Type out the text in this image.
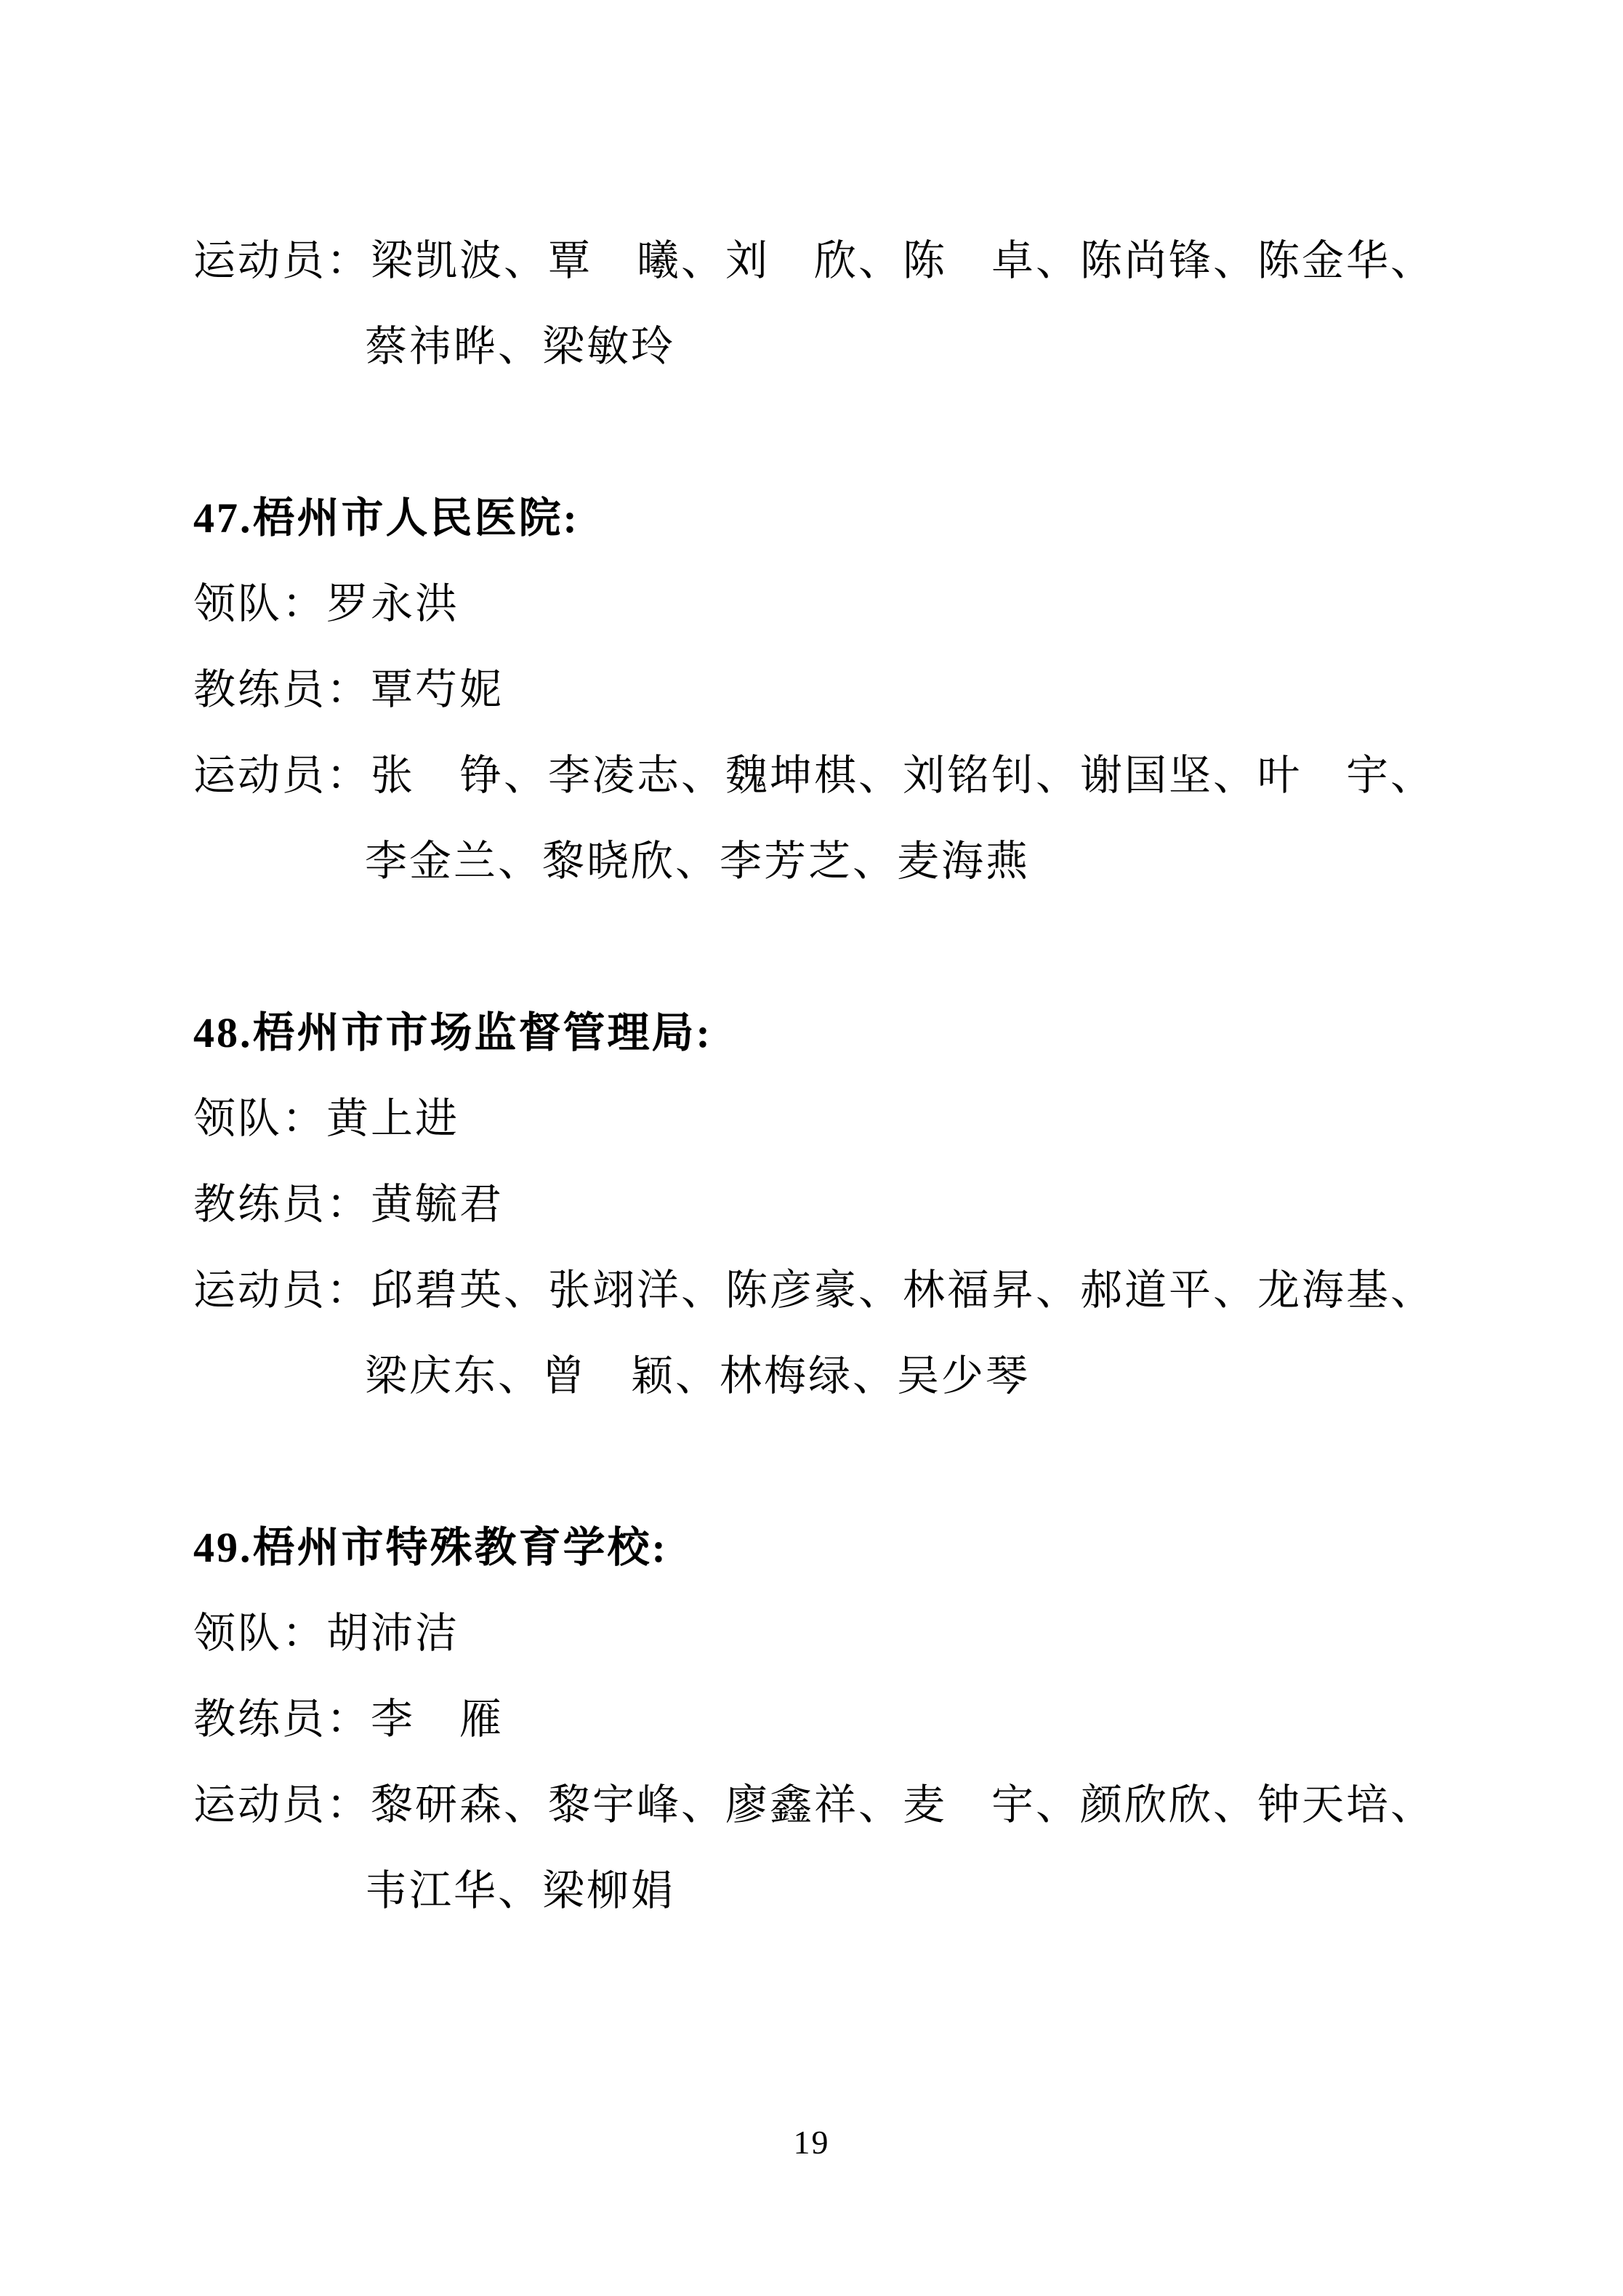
运动员： 梁凯波、覃　曦、刘　欣、陈　卓、陈尚锋、陈金华、
蔡祎晔、梁敏玲
47.梧州市人民医院:
领队： 罗永洪
教练员： 覃芍妮
运动员： 张　铮、李凌志、魏坤棋、刘铭钊、谢国坚、叶　宇、
李金兰、黎晓欣、李芳芝、麦海燕
48.梧州市市场监督管理局:
领队： 黄上进
教练员： 黄毓君
运动员： 邱碧英、张翊洋、陈彦豪、林福昇、郝道平、龙海基、
梁庆东、曾　颖、林梅绿、吴少琴
49.梧州市特殊教育学校:
领队： 胡沛洁
教练员： 李　雁
运动员： 黎研森、黎宇峰、廖鑫祥、麦　宇、颜欣欣、钟天培、
韦江华、梁柳娟
19
